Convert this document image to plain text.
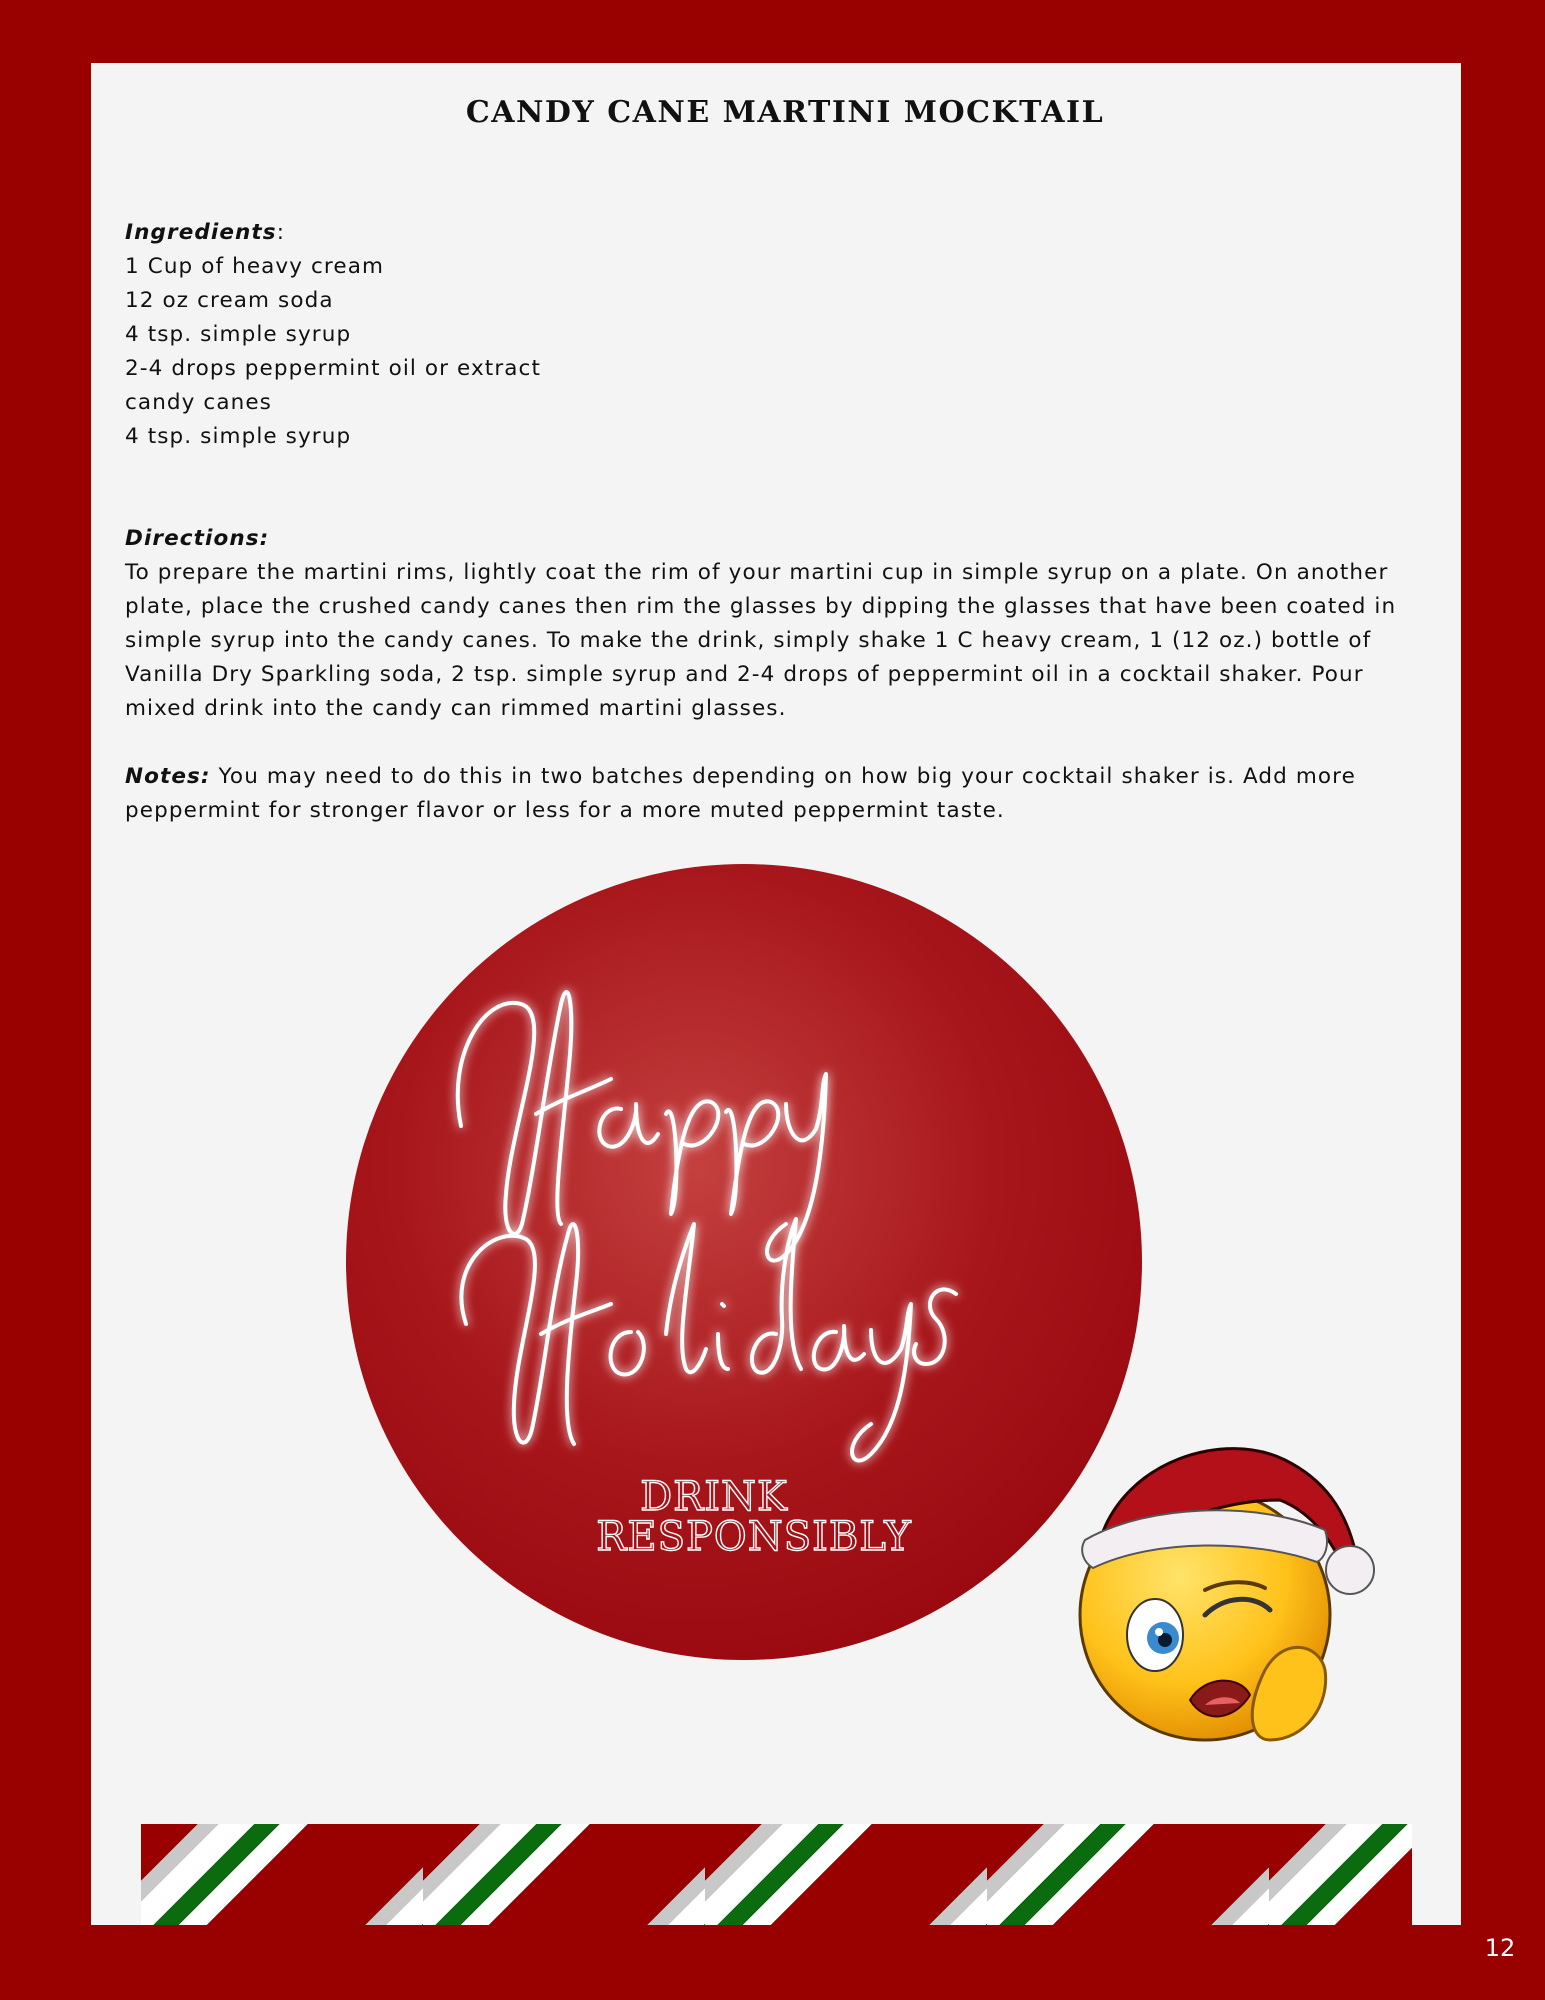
CANDY CANE MARTINI MOCKTAIL
Ingredients:
1 Cup of heavy cream
12 oz cream soda
4 tsp. simple syrup
2-4 drops peppermint oil or extract
candy canes
4 tsp. simple syrup
Directions:
To prepare the martini rims, lightly coat the rim of your martini cup in simple syrup on a plate. On another plate, place the crushed candy canes then rim the glasses by dipping the glasses that have been coated in simple syrup into the candy canes. To make the drink, simply shake 1 C heavy cream, 1 (12 oz.) bottle of Vanilla Dry Sparkling soda, 2 tsp. simple syrup and 2-4 drops of peppermint oil in a cocktail shaker. Pour mixed drink into the candy can rimmed martini glasses.
Notes: You may need to do this in two batches depending on how big your cocktail shaker is. Add more peppermint for stronger flavor or less for a more muted peppermint taste.
DRINK
RESPONSIBLY
12
